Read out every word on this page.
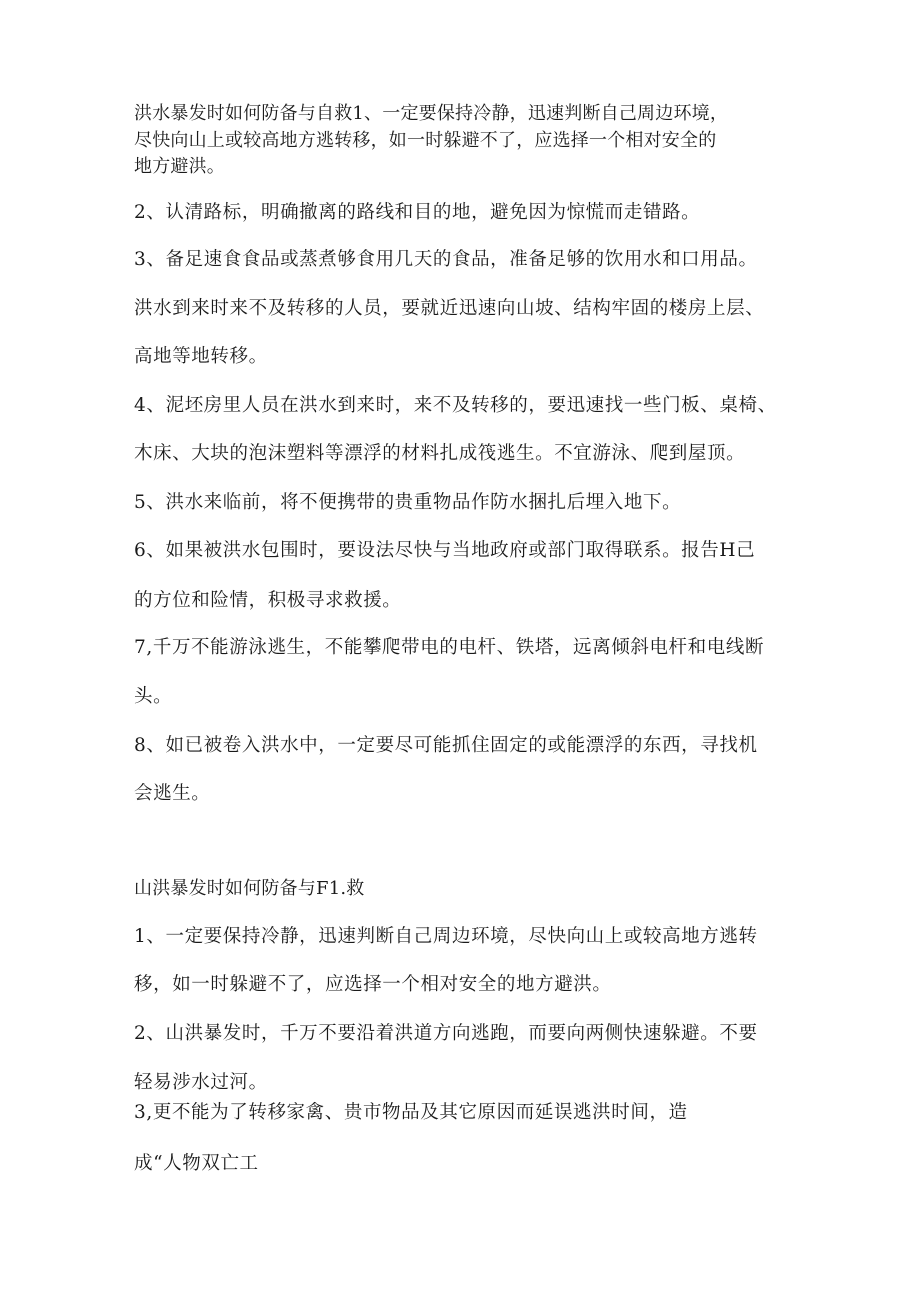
洪水暴发时如何防备与自救1、一定要保持冷静，迅速判断自己周边环境，
尽快向山上或较高地方逃转移，如一时躲避不了，应选择一个相对安全的
地方避洪。
2、认清路标，明确撤离的路线和目的地，避免因为惊慌而走错路。
3、备足速食食品或蒸煮够食用几天的食品，准备足够的饮用水和口用品。
洪水到来时来不及转移的人员，要就近迅速向山坡、结构牢固的楼房上层、
高地等地转移。
4、泥坯房里人员在洪水到来时，来不及转移的，要迅速找一些门板、桌椅、
木床、大块的泡沫塑料等漂浮的材料扎成筏逃生。不宜游泳、爬到屋顶。
5、洪水来临前，将不便携带的贵重物品作防水捆扎后埋入地下。
6、如果被洪水包围时，要设法尽快与当地政府或部门取得联系。报告H己
的方位和险情，积极寻求救援。
7,千万不能游泳逃生，不能攀爬带电的电杆、铁塔，远离倾斜电杆和电线断
头。
8、如已被卷入洪水中，一定要尽可能抓住固定的或能漂浮的东西，寻找机
会逃生。
山洪暴发时如何防备与F1.救
1、一定要保持冷静，迅速判断自己周边环境，尽快向山上或较高地方逃转
移，如一时躲避不了，应选择一个相对安全的地方避洪。
2、山洪暴发时，千万不要沿着洪道方向逃跑，而要向两侧快速躲避。不要
轻易涉水过河。
3,更不能为了转移家禽、贵市物品及其它原因而延误逃洪时间，造
成“人物双亡工
